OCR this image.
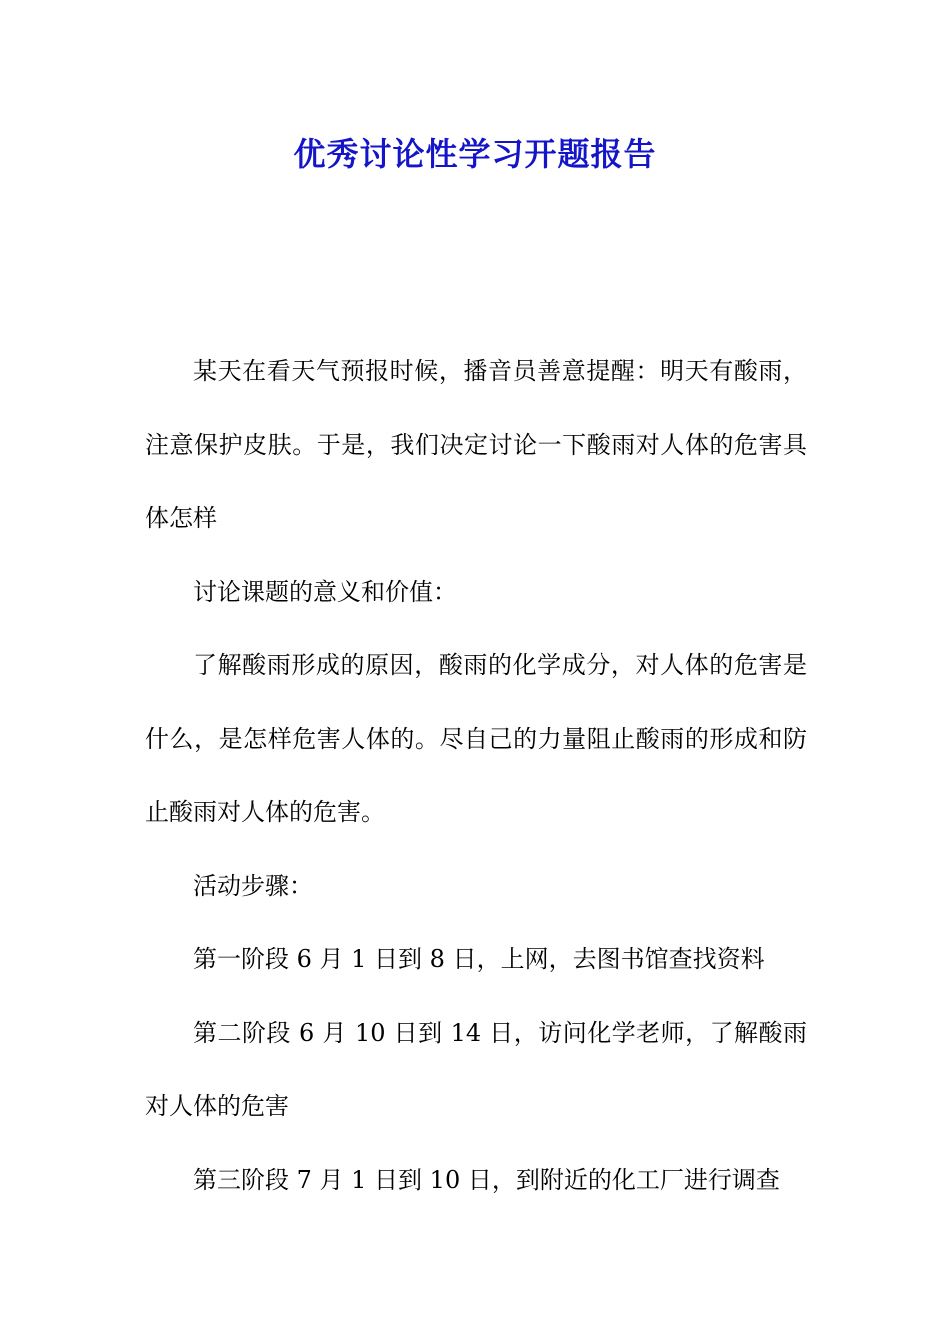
优秀讨论性学习开题报告

某天在看天气预报时候，播音员善意提醒：明天有酸雨，注意保护皮肤。于是，我们决定讨论一下酸雨对人体的危害具体怎样

讨论课题的意义和价值：

了解酸雨形成的原因，酸雨的化学成分，对人体的危害是什么，是怎样危害人体的。尽自己的力量阻止酸雨的形成和防止酸雨对人体的危害。

活动步骤：

第一阶段 6 月 1 日到 8 日，上网，去图书馆查找资料

第二阶段 6 月 10 日到 14 日，访问化学老师，了解酸雨对人体的危害

第三阶段 7 月 1 日到 10 日，到附近的化工厂进行调查
